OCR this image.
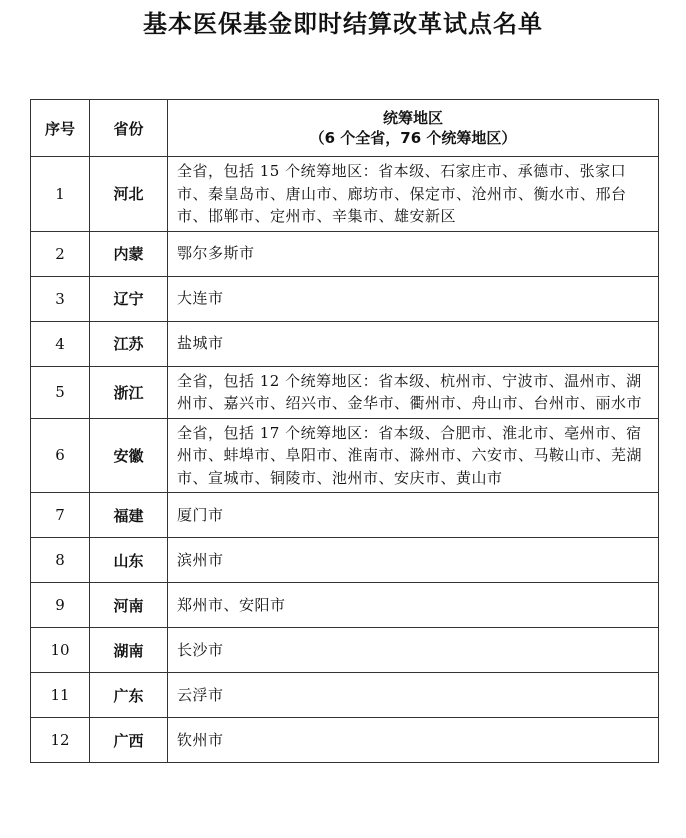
基本医保基金即时结算改革试点名单
序号	省份	统筹地区
（6 个全省，76 个统筹地区）

1	河北	全省，包括 15 个统筹地区：省本级、石家庄市、承德市、张家口市、秦皇岛市、唐山市、廊坊市、保定市、沧州市、衡水市、邢台市、邯郸市、定州市、辛集市、雄安新区
2	内蒙	鄂尔多斯市
3	辽宁	大连市
4	江苏	盐城市
5	浙江	全省，包括 12 个统筹地区：省本级、杭州市、宁波市、温州市、湖州市、嘉兴市、绍兴市、金华市、衢州市、舟山市、台州市、丽水市
6	安徽	全省，包括 17 个统筹地区：省本级、合肥市、淮北市、亳州市、宿州市、蚌埠市、阜阳市、淮南市、滁州市、六安市、马鞍山市、芜湖市、宣城市、铜陵市、池州市、安庆市、黄山市
7	福建	厦门市
8	山东	滨州市
9	河南	郑州市、安阳市
10	湖南	长沙市
11	广东	云浮市
12	广西	钦州市
